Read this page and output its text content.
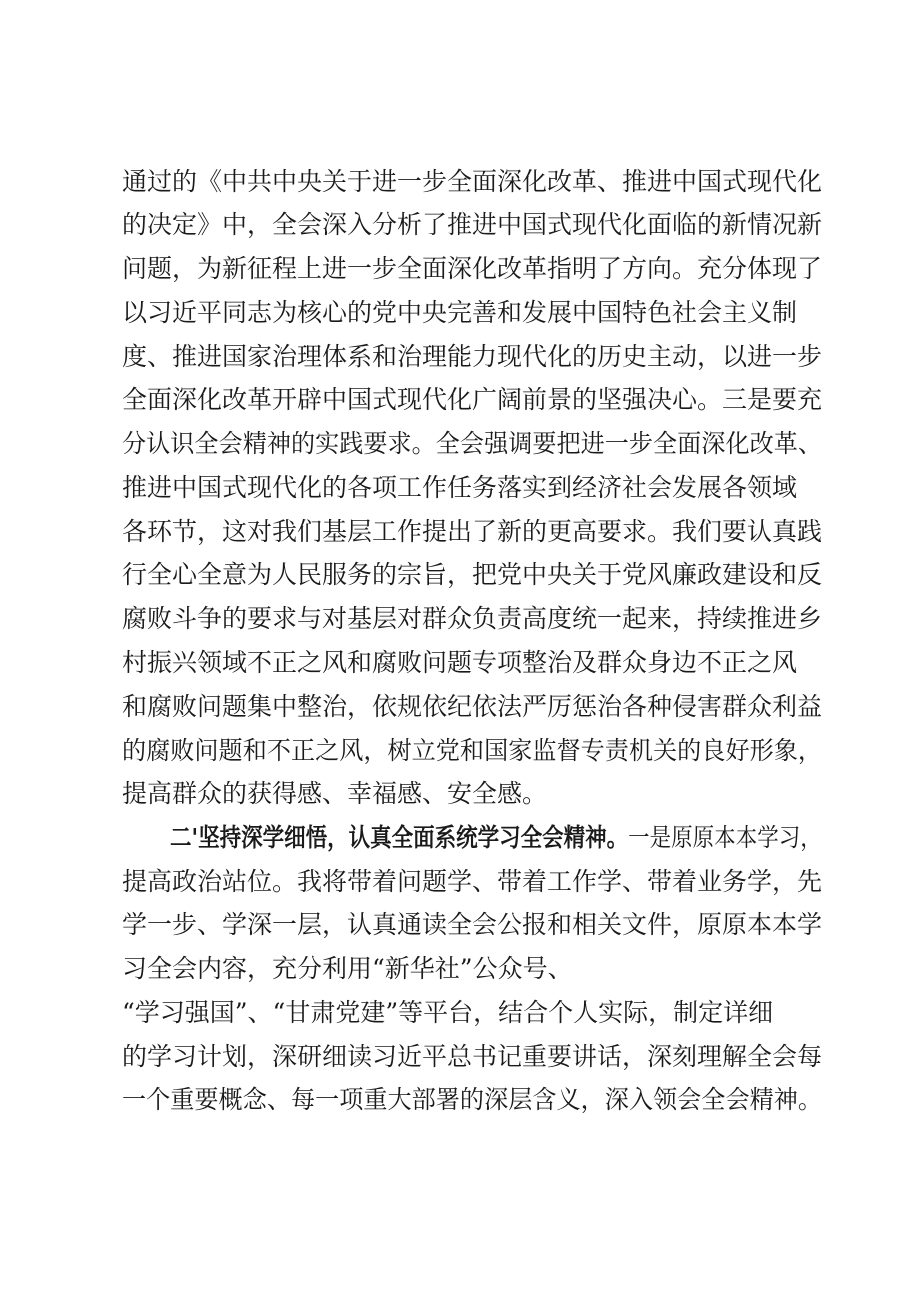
通过的《中共中央关于进一步全面深化改革、推进中国式现代化
的决定》中，全会深入分析了推进中国式现代化面临的新情况新
问题，为新征程上进一步全面深化改革指明了方向。充分体现了
以习近平同志为核心的党中央完善和发展中国特色社会主义制
度、推进国家治理体系和治理能力现代化的历史主动，以进一步
全面深化改革开辟中国式现代化广阔前景的坚强决心。三是要充
分认识全会精神的实践要求。全会强调要把进一步全面深化改革、
推进中国式现代化的各项工作任务落实到经济社会发展各领域
各环节，这对我们基层工作提出了新的更高要求。我们要认真践
行全心全意为人民服务的宗旨，把党中央关于党风廉政建设和反
腐败斗争的要求与对基层对群众负责高度统一起来，持续推进乡
村振兴领域不正之风和腐败问题专项整治及群众身边不正之风
和腐败问题集中整治，依规依纪依法严厉惩治各种侵害群众利益
的腐败问题和不正之风，树立党和国家监督专责机关的良好形象，
提高群众的获得感、幸福感、安全感。
二'坚持深学细悟，认真全面系统学习全会精神。一是原原本本学习，
提高政治站位。我将带着问题学、带着工作学、带着业务学，先
学一步、学深一层，认真通读全会公报和相关文件，原原本本学
习全会内容，充分利用“新华社”公众号、
“学习强国”、“甘肃党建”等平台，结合个人实际，制定详细
的学习计划，深研细读习近平总书记重要讲话，深刻理解全会每
一个重要概念、每一项重大部署的深层含义，深入领会全会精神。
